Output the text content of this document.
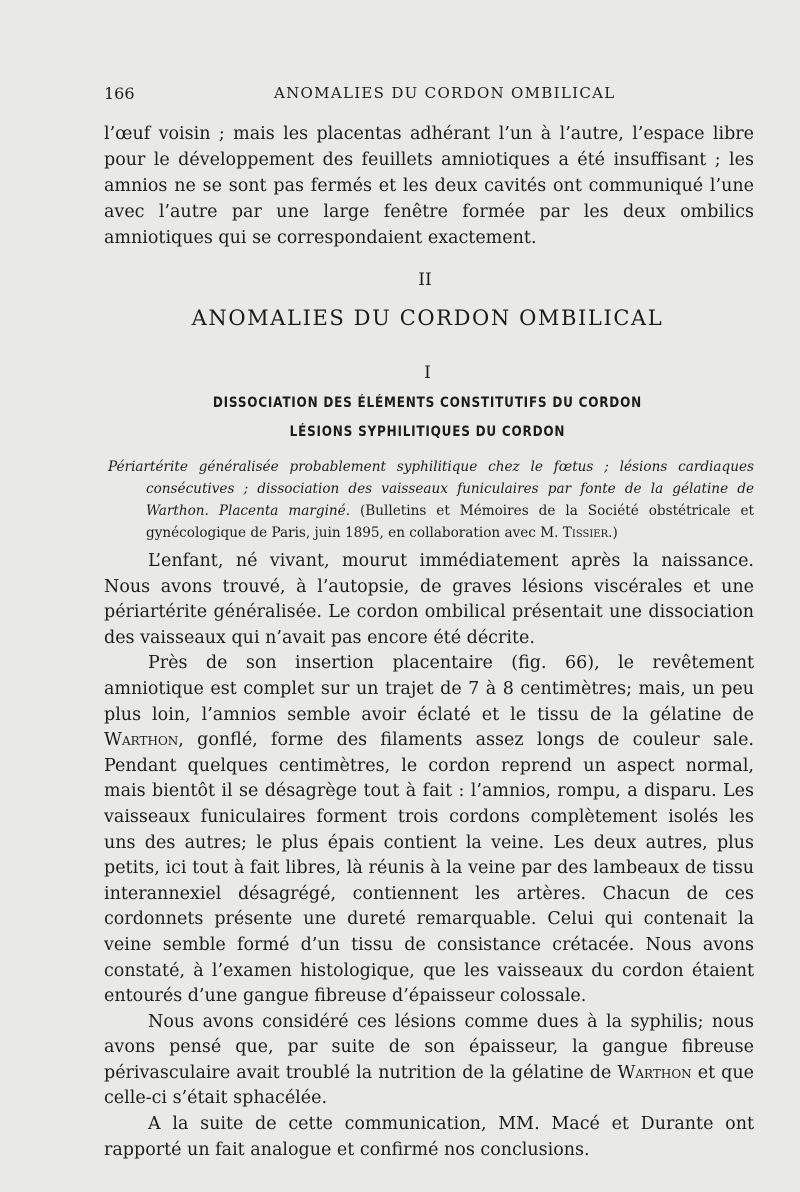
166	ANOMALIES DU CORDON OMBILICAL

l’œuf voisin ; mais les placentas adhérant l’un à l’autre, l’espace libre pour le développement des feuillets amniotiques a été insuffisant ; les amnios ne se sont pas fermés et les deux cavités ont communiqué l’une avec l’autre par une large fenêtre formée par les deux ombilics amniotiques qui se correspondaient exactement.

II
ANOMALIES DU CORDON OMBILICAL
I
DISSOCIATION DES ÉLÉMENTS CONSTITUTIFS DU CORDON
LÉSIONS SYPHILITIQUES DU CORDON

Périartérite généralisée probablement syphilitique chez le fœtus ; lésions cardiaques consécutives ; dissociation des vaisseaux funiculaires par fonte de la gélatine de Warthon. Placenta marginé. (Bulletins et Mémoires de la Société obstétricale et gynécologique de Paris, juin 1895, en collaboration avec M. Tissier.)

L’enfant, né vivant, mourut immédiatement après la naissance. Nous avons trouvé, à l’autopsie, de graves lésions viscérales et une périartérite généralisée. Le cordon ombilical présentait une dissociation des vaisseaux qui n’avait pas encore été décrite.

Près de son insertion placentaire (fig. 66), le revêtement amniotique est complet sur un trajet de 7 à 8 centimètres; mais, un peu plus loin, l’amnios semble avoir éclaté et le tissu de la gélatine de Warthon, gonflé, forme des filaments assez longs de couleur sale. Pendant quelques centimètres, le cordon reprend un aspect normal, mais bientôt il se désagrège tout à fait : l’amnios, rompu, a disparu. Les vaisseaux funiculaires forment trois cordons complètement isolés les uns des autres; le plus épais contient la veine. Les deux autres, plus petits, ici tout à fait libres, là réunis à la veine par des lambeaux de tissu interannexiel désagrégé, contiennent les artères. Chacun de ces cordonnets présente une dureté remarquable. Celui qui contenait la veine semble formé d’un tissu de consistance crétacée. Nous avons constaté, à l’examen histologique, que les vaisseaux du cordon étaient entourés d’une gangue fibreuse d’épaisseur colossale.

Nous avons considéré ces lésions comme dues à la syphilis; nous avons pensé que, par suite de son épaisseur, la gangue fibreuse périvasculaire avait troublé la nutrition de la gélatine de Warthon et que celle-ci s’était sphacélée.

A la suite de cette communication, MM. Macé et Durante ont rapporté un fait analogue et confirmé nos conclusions.
